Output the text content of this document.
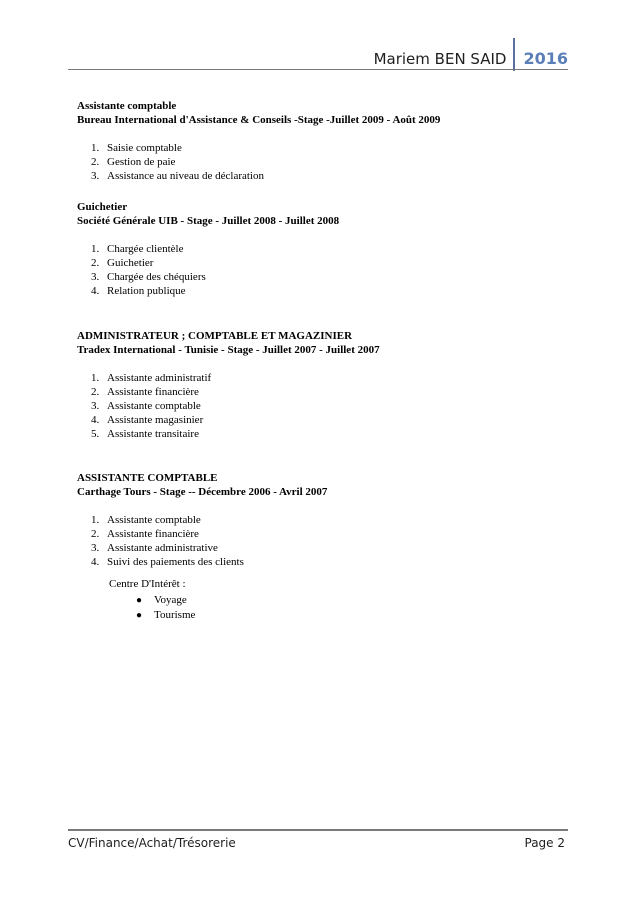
Mariem BEN SAID	2016
Assistante comptable
Bureau International d'Assistance & Conseils -Stage -Juillet 2009 - Août 2009
1. Saisie comptable
2. Gestion de paie
3. Assistance au niveau de déclaration
Guichetier
Société Générale UIB - Stage - Juillet 2008 - Juillet 2008
1. Chargée clientèle
2. Guichetier
3. Chargée des chéquiers
4. Relation publique
ADMINISTRATEUR ; COMPTABLE ET MAGAZINIER
Tradex International - Tunisie - Stage - Juillet 2007 - Juillet 2007
1. Assistante administratif
2. Assistante financière
3. Assistante comptable
4. Assistante magasinier
5. Assistante transitaire
ASSISTANTE COMPTABLE
Carthage Tours - Stage -- Décembre 2006 - Avril 2007
1. Assistante comptable
2. Assistante financière
3. Assistante administrative
4. Suivi des paiements des clients
Centre D'Intérêt :
● Voyage
● Tourisme
CV/Finance/Achat/Trésorerie	Page 2
